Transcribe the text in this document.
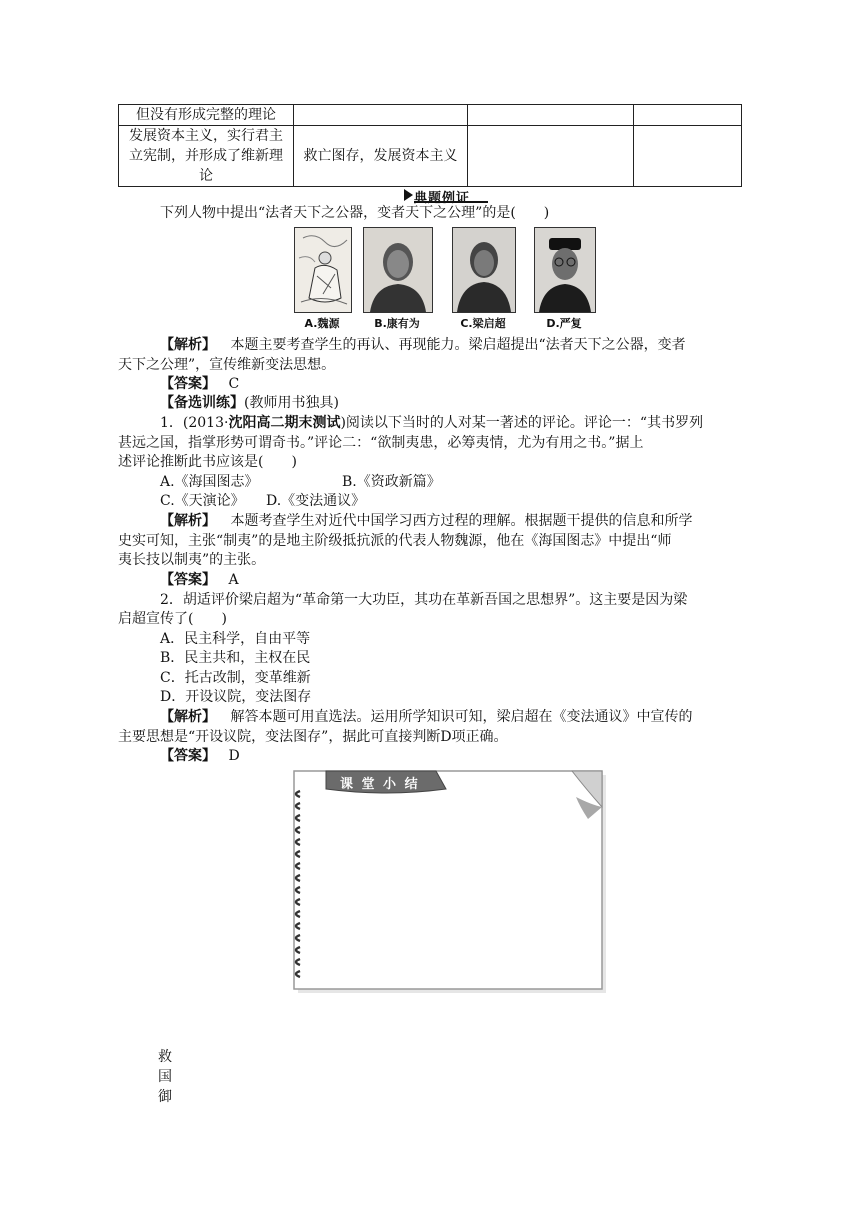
但没有形成完整的理论			
发展资本主义，实行君主立宪制，并形成了维新理论	救亡图存，发展资本主义		
典题例证
下列人物中提出“法者天下之公器，变者天下之公理”的是(　　)
A.魏源	B.康有为	C.梁启超	D.严复
【解析】 本题主要考查学生的再认、再现能力。梁启超提出“法者天下之公器，变者
天下之公理”，宣传维新变法思想。
【答案】 C
【备选训练】(教师用书独具)
1．(2013·沈阳高二期末测试)阅读以下当时的人对某一著述的评论。评论一：“其书罗列
甚远之国，指掌形势可谓奇书。”评论二：“欲制夷患，必筹夷情，尤为有用之书。”据上
述评论推断此书应该是(　　)
A.《海国图志》	B.《资政新篇》
C.《天演论》 D.《变法通议》
【解析】 本题考查学生对近代中国学习西方过程的理解。根据题干提供的信息和所学
史实可知，主张“制夷”的是地主阶级抵抗派的代表人物魏源，他在《海国图志》中提出“师
夷长技以制夷”的主张。
【答案】 A
2．胡适评价梁启超为“革命第一大功臣，其功在革新吾国之思想界”。这主要是因为梁
启超宣传了(　　)
A．民主科学，自由平等
B．民主共和，主权在民
C．托古改制，变革维新
D．开设议院，变法图存
【解析】 解答本题可用直选法。运用所学知识可知，梁启超在《变法通议》中宣传的
主要思想是“开设议院，变法图存”，据此可直接判断D项正确。
【答案】 D
课 堂 小 结
救
国
御
